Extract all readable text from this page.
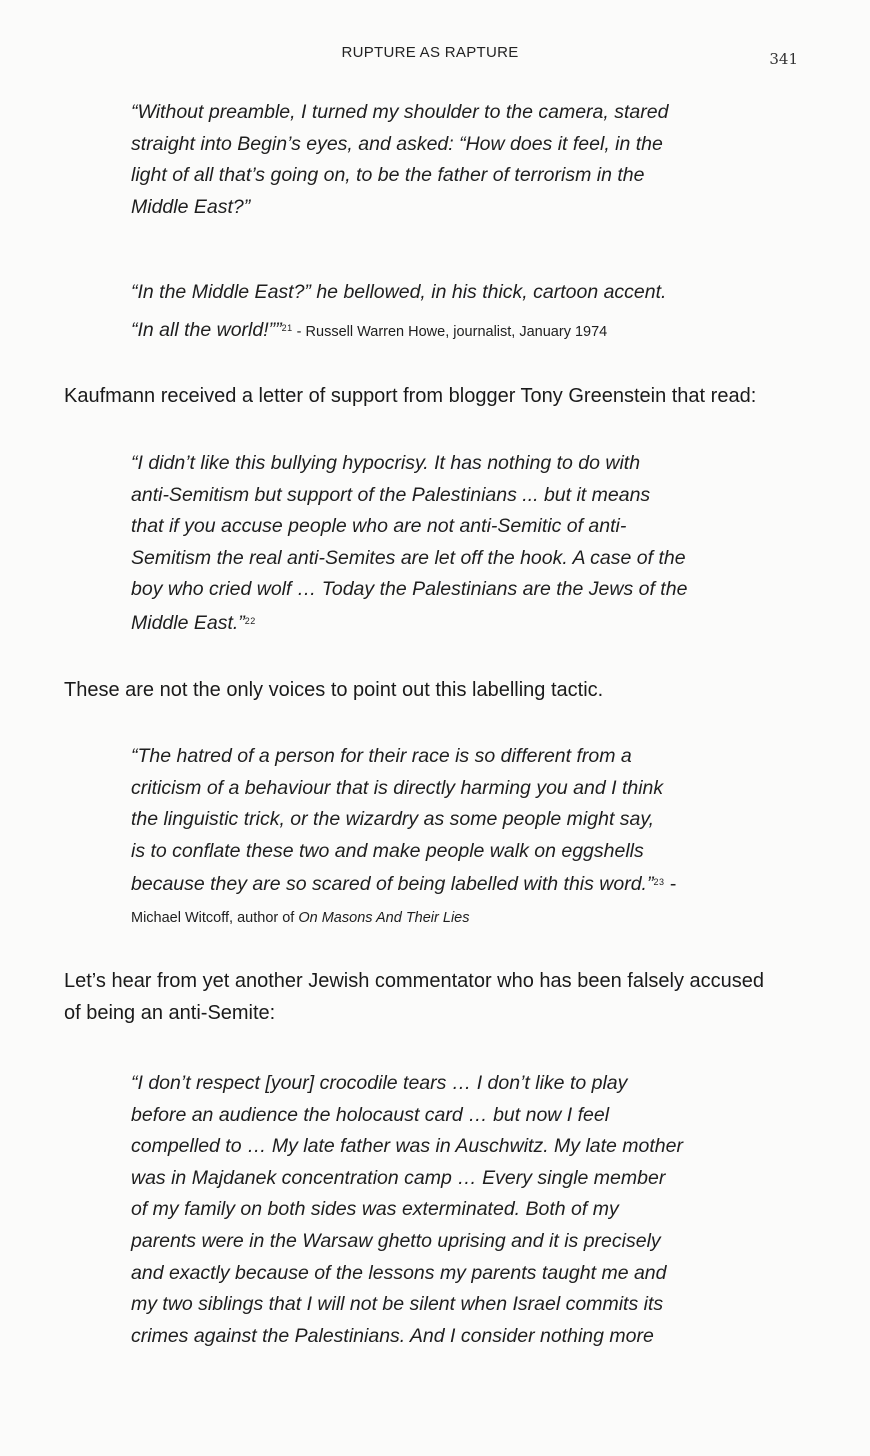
RUPTURE AS RAPTURE	341
“Without preamble, I turned my shoulder to the camera, stared
straight into Begin’s eyes, and asked: “How does it feel, in the
light of all that’s going on, to be the father of terrorism in the
Middle East?”
“In the Middle East?” he bellowed, in his thick, cartoon accent.
“In all the world!””$^{21}$ - Russell Warren Howe, journalist, January 1974
Kaufmann received a letter of support from blogger Tony Greenstein that read:
“I didn’t like this bullying hypocrisy. It has nothing to do with
anti-Semitism but support of the Palestinians ... but it means
that if you accuse people who are not anti-Semitic of anti-
Semitism the real anti-Semites are let off the hook. A case of the
boy who cried wolf … Today the Palestinians are the Jews of the
Middle East.”$^{22}$
These are not the only voices to point out this labelling tactic.
“The hatred of a person for their race is so different from a
criticism of a behaviour that is directly harming you and I think
the linguistic trick, or the wizardry as some people might say,
is to conflate these two and make people walk on eggshells
because they are so scared of being labelled with this word.”$^{23}$ -
Michael Witcoff, author of On Masons And Their Lies
Let’s hear from yet another Jewish commentator who has been falsely accused
of being an anti-Semite:
“I don’t respect [your] crocodile tears … I don’t like to play
before an audience the holocaust card … but now I feel
compelled to … My late father was in Auschwitz. My late mother
was in Majdanek concentration camp … Every single member
of my family on both sides was exterminated. Both of my
parents were in the Warsaw ghetto uprising and it is precisely
and exactly because of the lessons my parents taught me and
my two siblings that I will not be silent when Israel commits its
crimes against the Palestinians. And I consider nothing more
